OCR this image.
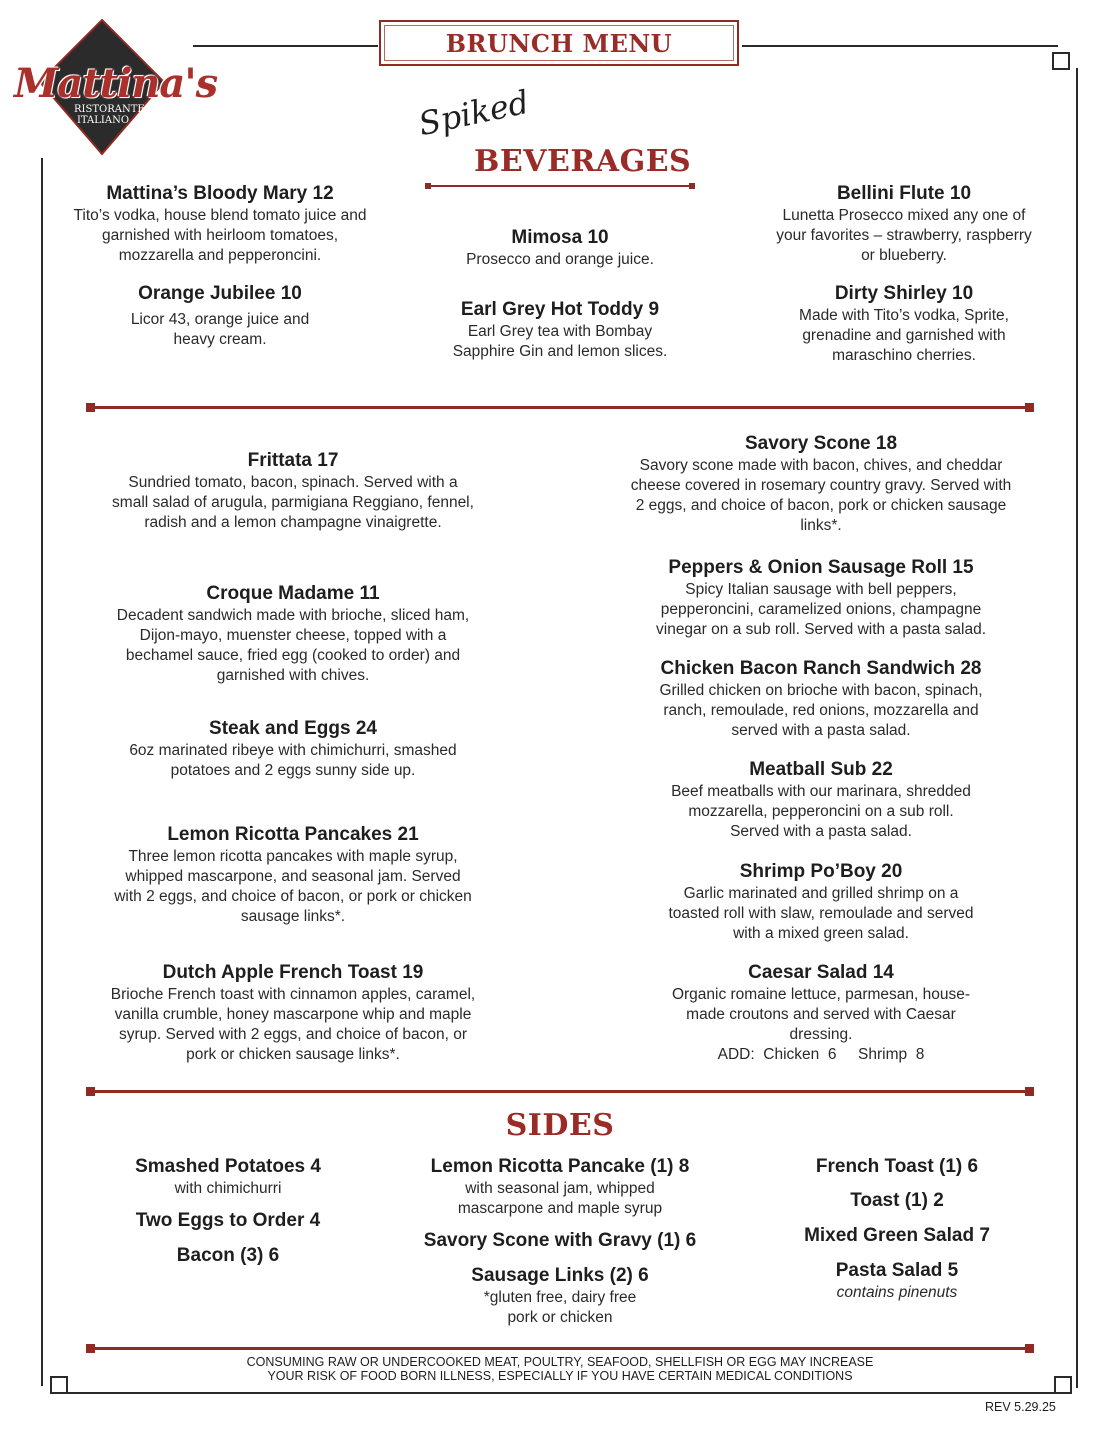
Mattina's
RISTORANTE ITALIANO
BRUNCH MENU
Spiked
BEVERAGES
Mattina’s Bloody Mary 12
Tito’s vodka, house blend tomato juice and garnished with heirloom tomatoes, mozzarella and pepperoncini.
Orange Jubilee 10
Licor 43, orange juice and heavy cream.
Mimosa 10
Prosecco and orange juice.
Earl Grey Hot Toddy 9
Earl Grey tea with Bombay Sapphire Gin and lemon slices.
Bellini Flute 10
Lunetta Prosecco mixed any one of your favorites – strawberry, raspberry or blueberry.
Dirty Shirley 10
Made with Tito’s vodka, Sprite, grenadine and garnished with maraschino cherries.
Frittata 17
Sundried tomato, bacon, spinach. Served with a small salad of arugula, parmigiana Reggiano, fennel, radish and a lemon champagne vinaigrette.
Croque Madame 11
Decadent sandwich made with brioche, sliced ham, Dijon-mayo, muenster cheese, topped with a bechamel sauce, fried egg (cooked to order) and garnished with chives.
Steak and Eggs 24
6oz marinated ribeye with chimichurri, smashed potatoes and 2 eggs sunny side up.
Lemon Ricotta Pancakes 21
Three lemon ricotta pancakes with maple syrup, whipped mascarpone, and seasonal jam. Served with 2 eggs, and choice of bacon, or pork or chicken sausage links*.
Dutch Apple French Toast 19
Brioche French toast with cinnamon apples, caramel, vanilla crumble, honey mascarpone whip and maple syrup. Served with 2 eggs, and choice of bacon, or pork or chicken sausage links*.
Savory Scone 18
Savory scone made with bacon, chives, and cheddar cheese covered in rosemary country gravy. Served with 2 eggs, and choice of bacon, pork or chicken sausage links*.
Peppers & Onion Sausage Roll 15
Spicy Italian sausage with bell peppers, pepperoncini, caramelized onions, champagne vinegar on a sub roll. Served with a pasta salad.
Chicken Bacon Ranch Sandwich 28
Grilled chicken on brioche with bacon, spinach, ranch, remoulade, red onions, mozzarella and served with a pasta salad.
Meatball Sub 22
Beef meatballs with our marinara, shredded mozzarella, pepperoncini on a sub roll. Served with a pasta salad.
Shrimp Po’Boy 20
Garlic marinated and grilled shrimp on a toasted roll with slaw, remoulade and served with a mixed green salad.
Caesar Salad 14
Organic romaine lettuce, parmesan, house-made croutons and served with Caesar dressing.
ADD:  Chicken  6     Shrimp  8
SIDES
Smashed Potatoes 4
with chimichurri
Two Eggs to Order 4
Bacon (3) 6
Lemon Ricotta Pancake (1) 8
with seasonal jam, whipped mascarpone and maple syrup
Savory Scone with Gravy (1) 6
Sausage Links (2) 6
*gluten free, dairy free pork or chicken
French Toast (1) 6
Toast (1) 2
Mixed Green Salad 7
Pasta Salad 5
contains pinenuts
CONSUMING RAW OR UNDERCOOKED MEAT, POULTRY, SEAFOOD, SHELLFISH OR EGG MAY INCREASE
YOUR RISK OF FOOD BORN ILLNESS, ESPECIALLY IF YOU HAVE CERTAIN MEDICAL CONDITIONS
REV 5.29.25
